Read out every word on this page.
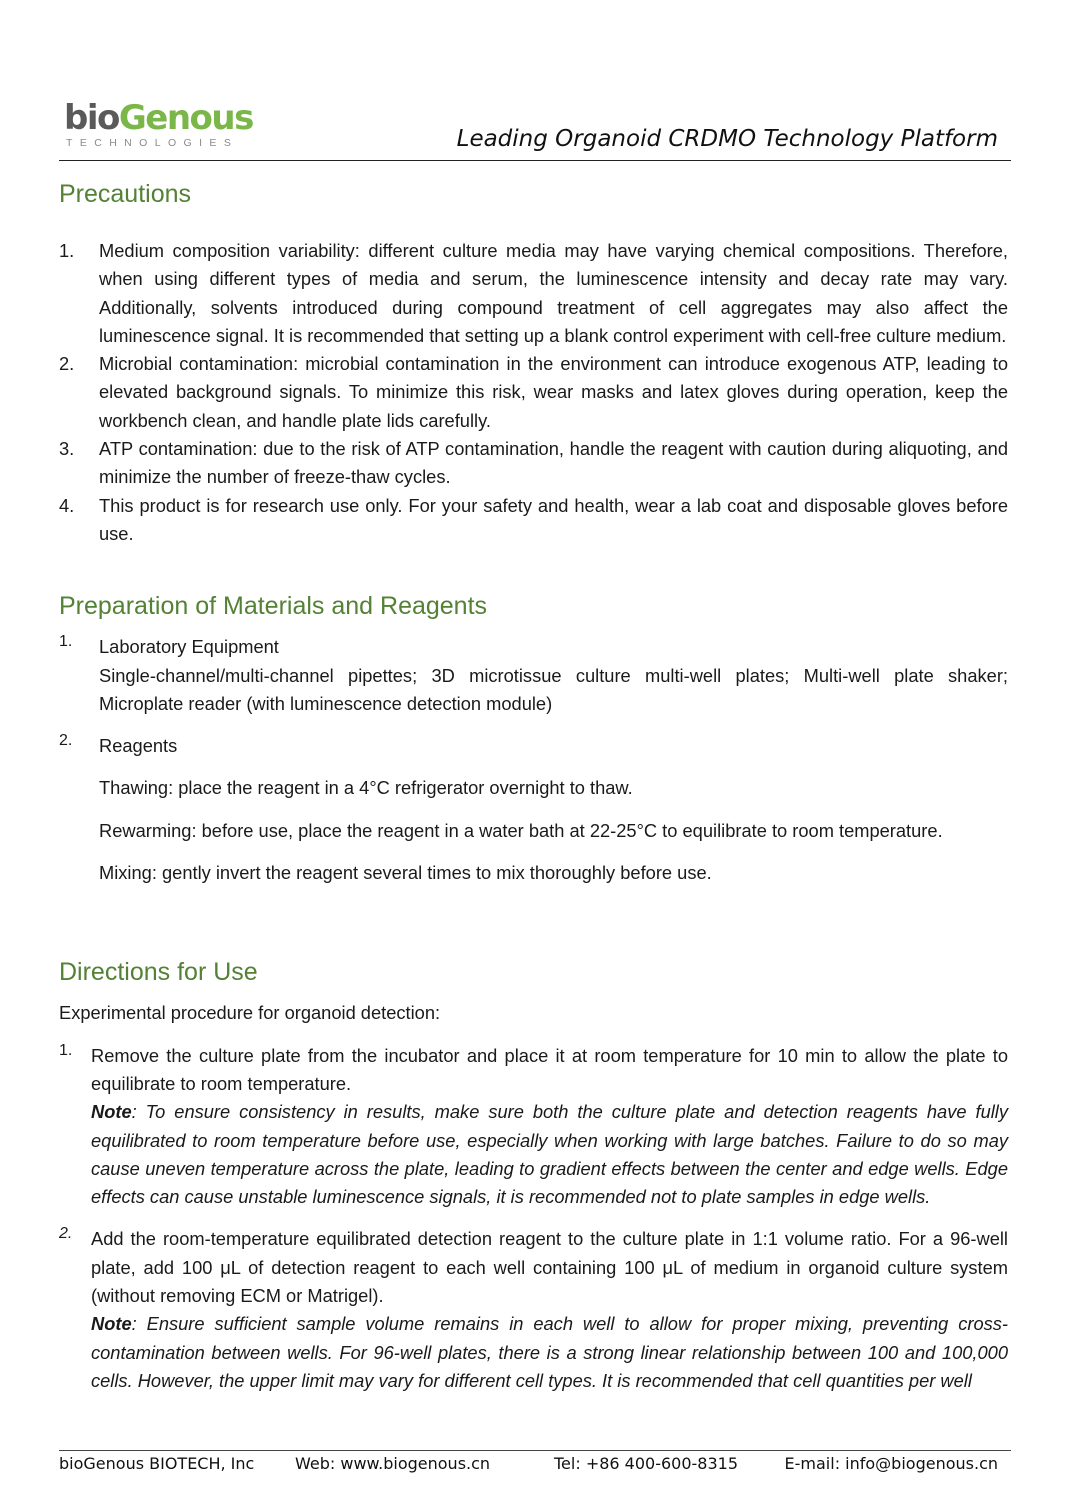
bioGenous
TECHNOLOGIES	Leading Organoid CRDMO Technology Platform
Precautions
1. Medium composition variability: different culture media may have varying chemical compositions. Therefore, when using different types of media and serum, the luminescence intensity and decay rate may vary. Additionally, solvents introduced during compound treatment of cell aggregates may also affect the luminescence signal. It is recommended that setting up a blank control experiment with cell-free culture medium.
2. Microbial contamination: microbial contamination in the environment can introduce exogenous ATP, leading to elevated background signals. To minimize this risk, wear masks and latex gloves during operation, keep the workbench clean, and handle plate lids carefully.
3. ATP contamination: due to the risk of ATP contamination, handle the reagent with caution during aliquoting, and minimize the number of freeze-thaw cycles.
4. This product is for research use only. For your safety and health, wear a lab coat and disposable gloves before use.
Preparation of Materials and Reagents
1. Laboratory Equipment

Single-channel/multi-channel pipettes; 3D microtissue culture multi-well plates; Multi-well plate shaker; Microplate reader (with luminescence detection module)

2. Reagents

Thawing: place the reagent in a 4°C refrigerator overnight to thaw.

Rewarming: before use, place the reagent in a water bath at 22-25°C to equilibrate to room temperature.

Mixing: gently invert the reagent several times to mix thoroughly before use.

Directions for Use

Experimental procedure for organoid detection:

1. Remove the culture plate from the incubator and place it at room temperature for 10 min to allow the plate to equilibrate to room temperature.

Note: To ensure consistency in results, make sure both the culture plate and detection reagents have fully equilibrated to room temperature before use, especially when working with large batches. Failure to do so may cause uneven temperature across the plate, leading to gradient effects between the center and edge wells. Edge effects can cause unstable luminescence signals, it is recommended not to plate samples in edge wells.

2. Add the room-temperature equilibrated detection reagent to the culture plate in 1:1 volume ratio. For a 96-well plate, add 100 μL of detection reagent to each well containing 100 μL of medium in organoid culture system (without removing ECM or Matrigel).

Note: Ensure sufficient sample volume remains in each well to allow for proper mixing, preventing cross-contamination between wells. For 96-well plates, there is a strong linear relationship between 100 and 100,000 cells. However, the upper limit may vary for different cell types. It is recommended that cell quantities per well

bioGenous BIOTECH, Inc	Web: www.biogenous.cn	Tel: +86 400-600-8315	E-mail: info@biogenous.cn
